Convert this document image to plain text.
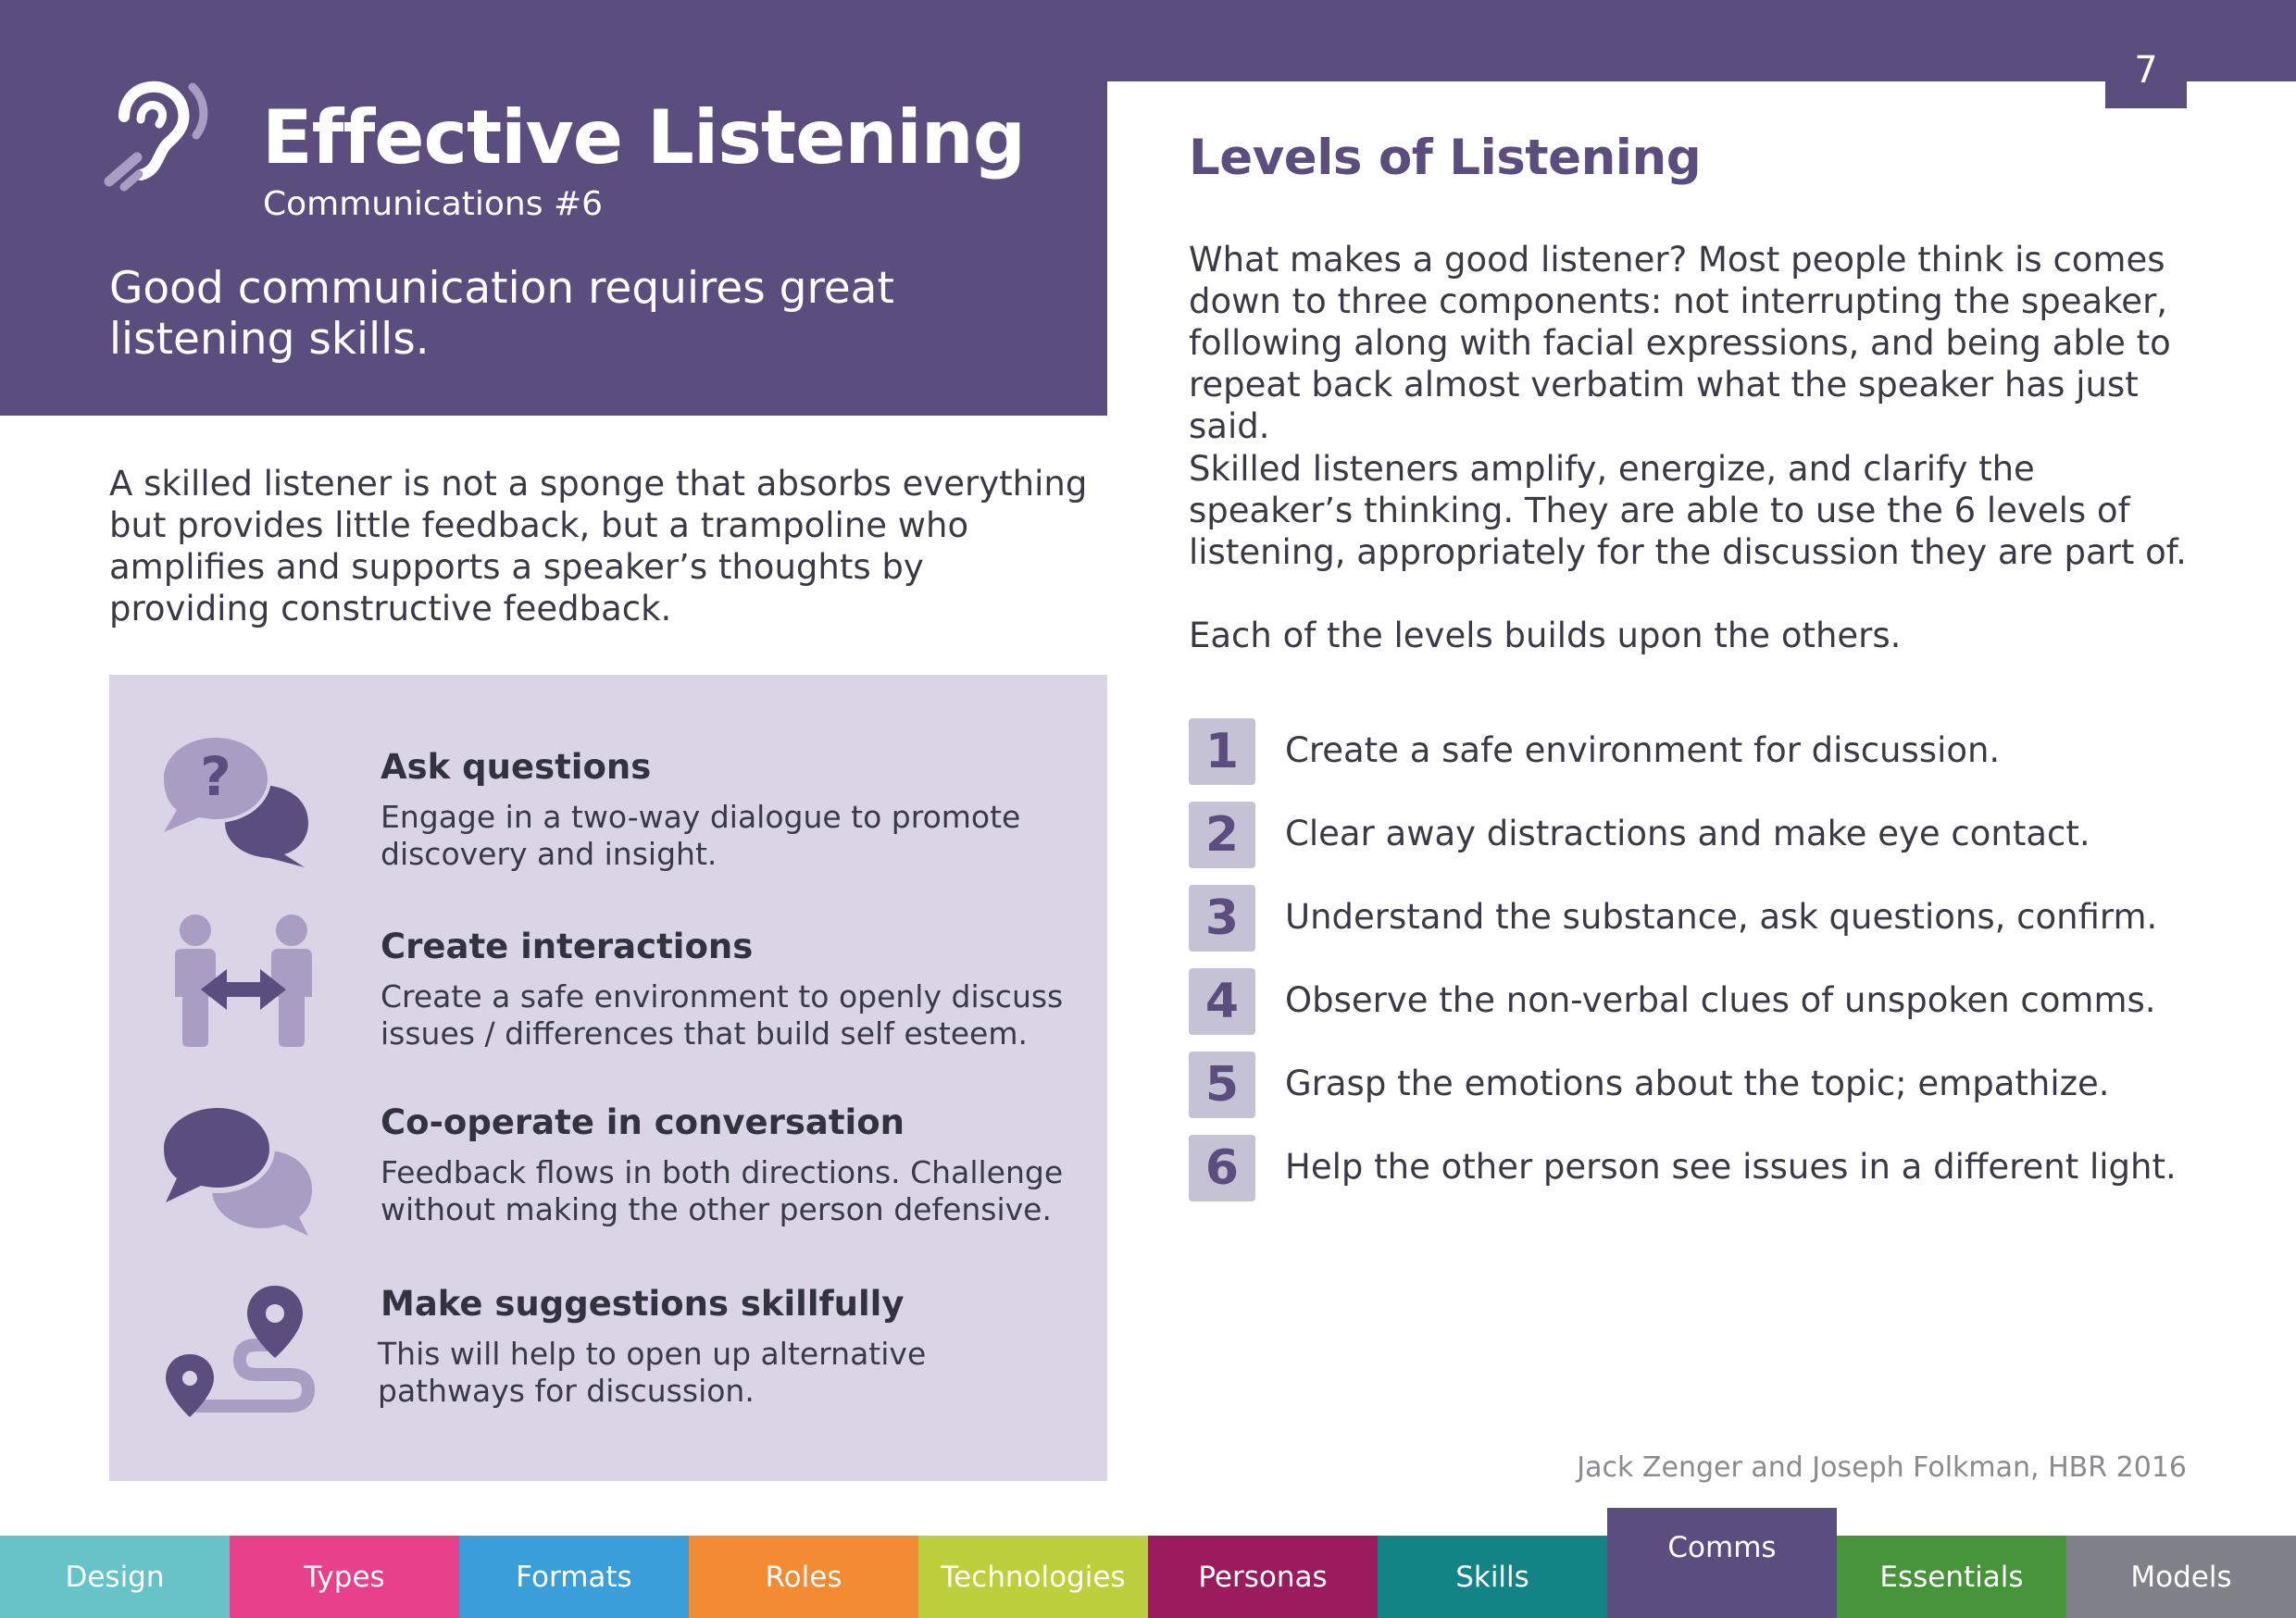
7
Effective Listening
Communications #6
Good communication requires great listening skills.
A skilled listener is not a sponge that absorbs everything but provides little feedback, but a trampoline who amplifies and supports a speaker’s thoughts by providing constructive feedback.
?	Ask questions
Engage in a two-way dialogue to promote discovery and insight.
Create interactions
Create a safe environment to openly discuss issues / differences that build self esteem.
Co-operate in conversation
Feedback flows in both directions. Challenge without making the other person defensive.
Make suggestions skillfully
This will help to open up alternative pathways for discussion.
Levels of Listening
What makes a good listener? Most people think is comes down to three components: not interrupting the speaker, following along with facial expressions, and being able to repeat back almost verbatim what the speaker has just said.
Skilled listeners amplify, energize, and clarify the speaker’s thinking. They are able to use the 6 levels of listening, appropriately for the discussion they are part of.
Each of the levels builds upon the others.
1	Create a safe environment for discussion.
2	Clear away distractions and make eye contact.
3	Understand the substance, ask questions, confirm.
4	Observe the non-verbal clues of unspoken comms.
5	Grasp the emotions about the topic; empathize.
6	Help the other person see issues in a different light.
Jack Zenger and Joseph Folkman, HBR 2016
Design	Types	Formats	Roles	Technologies	Personas	Skills
Comms
Essentials	Models
